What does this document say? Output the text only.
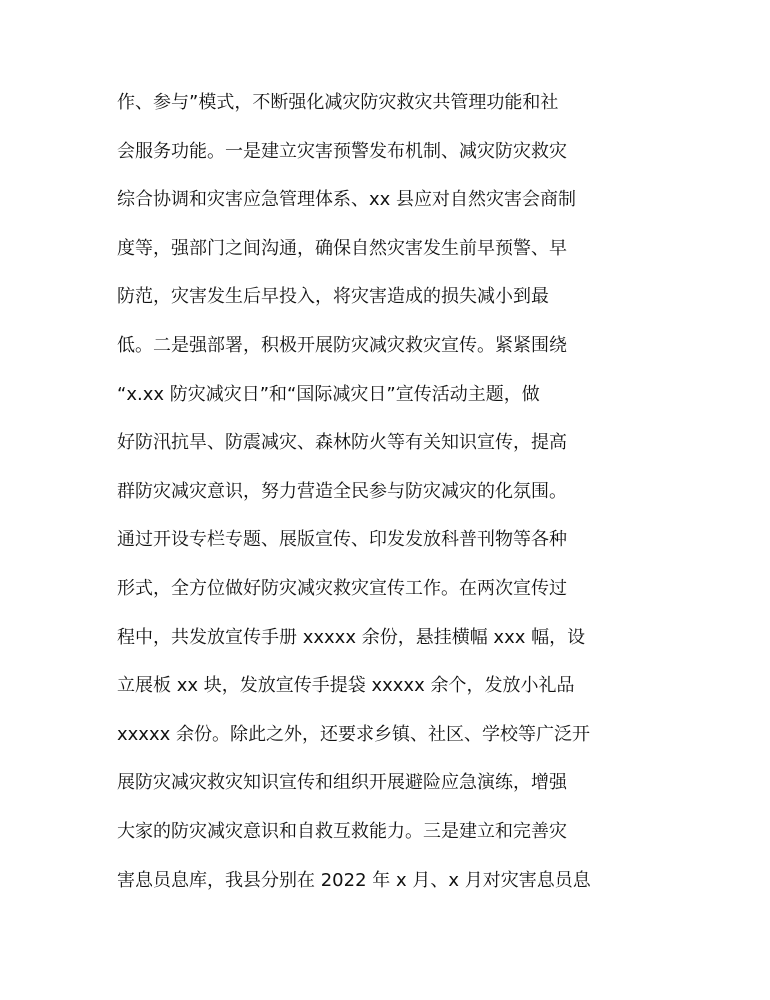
作、参与”模式，不断强化减灾防灾救灾共管理功能和社
会服务功能。一是建立灾害预警发布机制、减灾防灾救灾
综合协调和灾害应急管理体系、xx 县应对自然灾害会商制
度等，强部门之间沟通，确保自然灾害发生前早预警、早
防范，灾害发生后早投入，将灾害造成的损失减小到最
低。二是强部署，积极开展防灾减灾救灾宣传。紧紧围绕
“x.xx 防灾减灾日”和“国际减灾日”宣传活动主题，做
好防汛抗旱、防震减灾、森林防火等有关知识宣传，提高
群防灾减灾意识，努力营造全民参与防灾减灾的化氛围。
通过开设专栏专题、展版宣传、印发发放科普刊物等各种
形式，全方位做好防灾减灾救灾宣传工作。在两次宣传过
程中，共发放宣传手册 xxxxx 余份，悬挂横幅 xxx 幅，设
立展板 xx 块，发放宣传手提袋 xxxxx 余个，发放小礼品
xxxxx 余份。除此之外，还要求乡镇、社区、学校等广泛开
展防灾减灾救灾知识宣传和组织开展避险应急演练，增强
大家的防灾减灾意识和自救互救能力。三是建立和完善灾
害息员息库，我县分别在 2022 年 x 月、x 月对灾害息员息
